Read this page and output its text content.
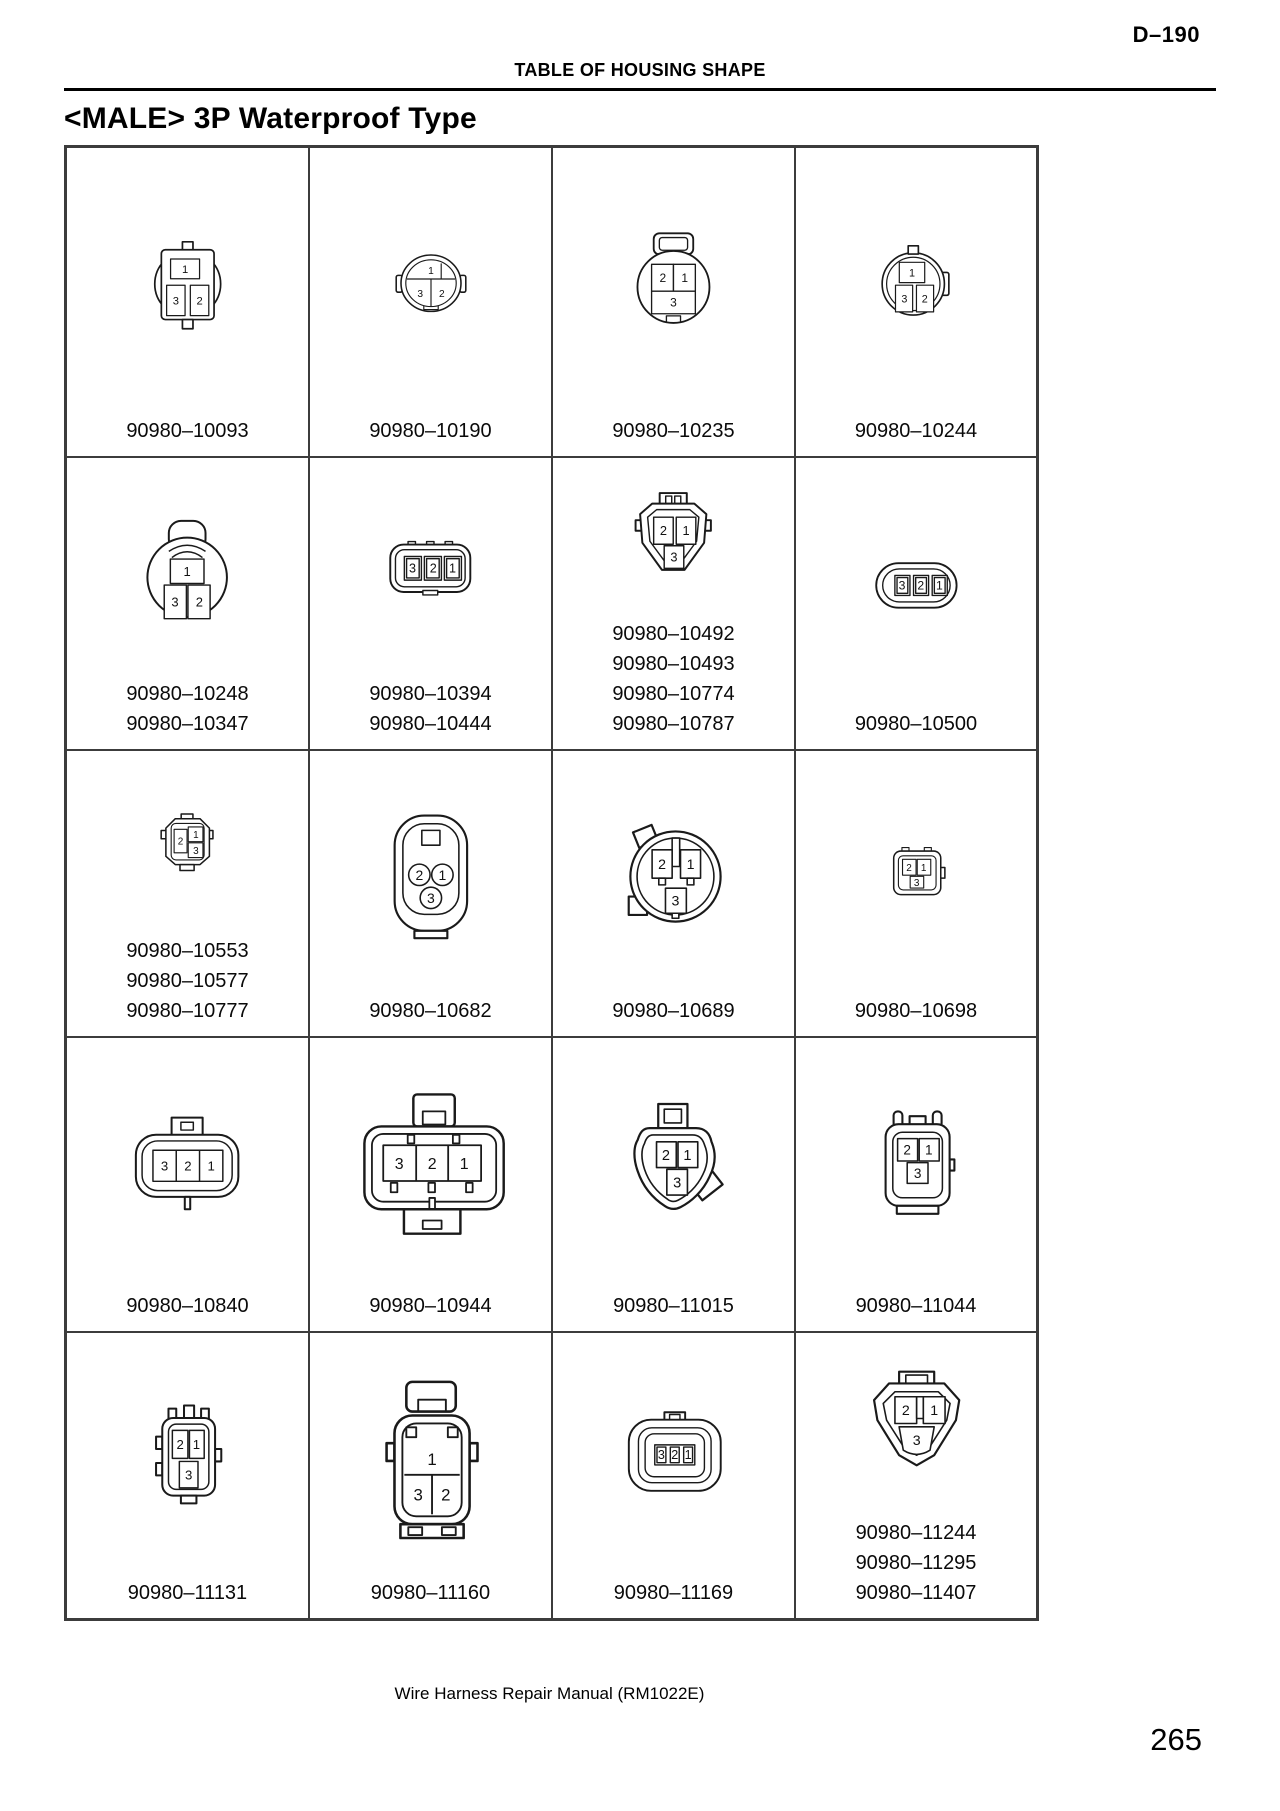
D–190
TABLE OF HOUSING SHAPE
<MALE> 3P Waterproof Type
1
3 2
90980–10093
1
3 2
90980–10190
2 1
3
90980–10235
1
3 2
90980–10244
1
3 2
90980–10248
90980–10347
3 2 1
90980–10394
90980–10444
2 1
3
90980–10492
90980–10493
90980–10774
90980–10787
3 2 1
90980–10500
2
1
3
90980–10553
90980–10577
90980–10777
2 1
3
90980–10682
2 1
3
90980–10689
2 1
3
90980–10698
3 2 1
90980–10840
3 2 1
90980–10944
2 1
3
90980–11015
2 1
3
90980–11044
2 1
3
90980–11131
1
3 2
90980–11160
3 2 1
90980–11169
2 1
3
90980–11244
90980–11295
90980–11407
Wire Harness Repair Manual (RM1022E)
265
